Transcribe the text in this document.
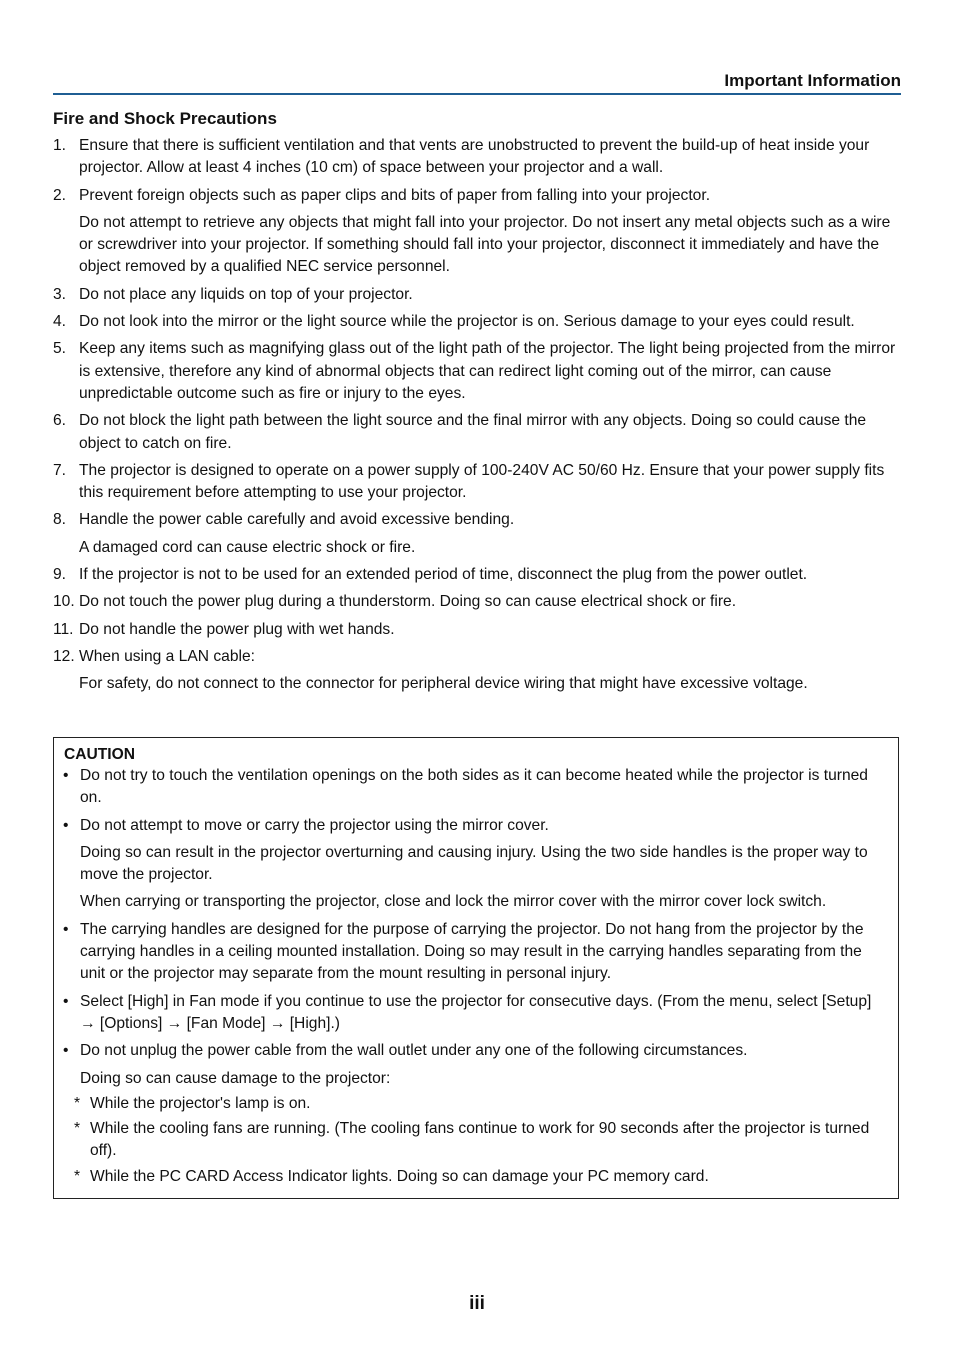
Important Information
Fire and Shock Precautions
1. Ensure that there is sufficient ventilation and that vents are unobstructed to prevent the build-up of heat inside your projector. Allow at least 4 inches (10 cm) of space between your projector and a wall.
2. Prevent foreign objects such as paper clips and bits of paper from falling into your projector.
Do not attempt to retrieve any objects that might fall into your projector. Do not insert any metal objects such as a wire or screwdriver into your projector. If something should fall into your projector, disconnect it immediately and have the object removed by a qualified NEC service personnel.
3. Do not place any liquids on top of your projector.
4. Do not look into the mirror or the light source while the projector is on. Serious damage to your eyes could result.
5. Keep any items such as magnifying glass out of the light path of the projector. The light being projected from the mirror is extensive, therefore any kind of abnormal objects that can redirect light coming out of the mirror, can cause unpredictable outcome such as fire or injury to the eyes.
6. Do not block the light path between the light source and the final mirror with any objects. Doing so could cause the object to catch on fire.
7. The projector is designed to operate on a power supply of 100-240V AC 50/60 Hz. Ensure that your power supply fits this requirement before attempting to use your projector.
8. Handle the power cable carefully and avoid excessive bending.
A damaged cord can cause electric shock or fire.
9. If the projector is not to be used for an extended period of time, disconnect the plug from the power outlet.
10. Do not touch the power plug during a thunderstorm. Doing so can cause electrical shock or fire.
11. Do not handle the power plug with wet hands.
12. When using a LAN cable:
For safety, do not connect to the connector for peripheral device wiring that might have excessive voltage.
CAUTION
• Do not try to touch the ventilation openings on the both sides as it can become heated while the projector is turned on.
• Do not attempt to move or carry the projector using the mirror cover.
Doing so can result in the projector overturning and causing injury. Using the two side handles is the proper way to move the projector.
When carrying or transporting the projector, close and lock the mirror cover with the mirror cover lock switch.
• The carrying handles are designed for the purpose of carrying the projector. Do not hang from the projector by the carrying handles in a ceiling mounted installation. Doing so may result in the carrying handles separating from the unit or the projector may separate from the mount resulting in personal injury.
• Select [High] in Fan mode if you continue to use the projector for consecutive days. (From the menu, select [Setup] → [Options] → [Fan Mode] → [High].)
• Do not unplug the power cable from the wall outlet under any one of the following circumstances.
Doing so can cause damage to the projector:
* While the projector's lamp is on.
* While the cooling fans are running. (The cooling fans continue to work for 90 seconds after the projector is turned off).
* While the PC CARD Access Indicator lights. Doing so can damage your PC memory card.
iii
